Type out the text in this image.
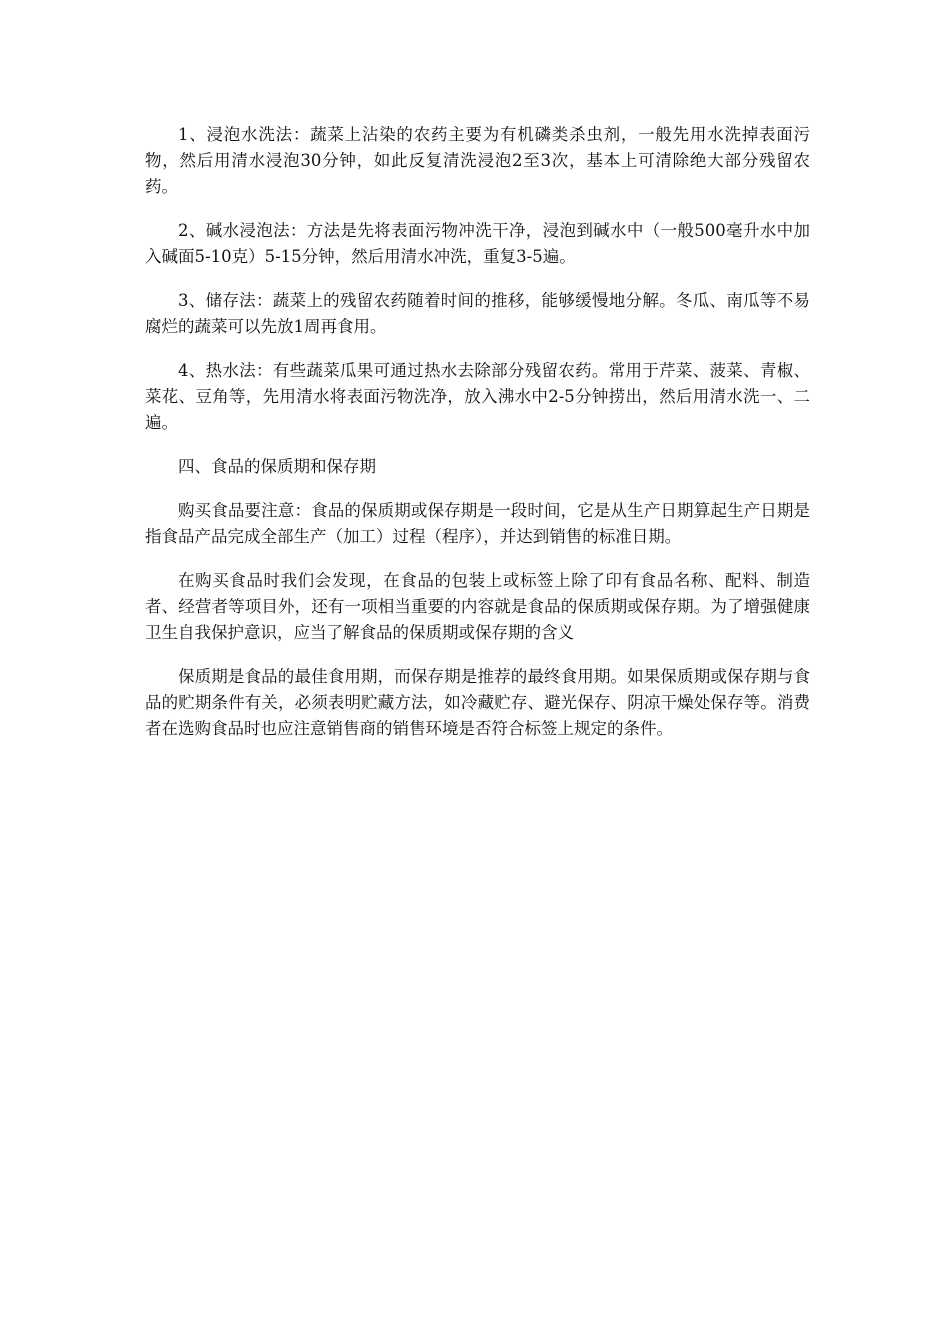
1、浸泡水洗法：蔬菜上沾染的农药主要为有机磷类杀虫剂，一般先用水洗掉表面污物，然后用清水浸泡30分钟，如此反复清洗浸泡2至3次，基本上可清除绝大部分残留农药。

2、碱水浸泡法：方法是先将表面污物冲洗干净，浸泡到碱水中（一般500毫升水中加入碱面5-10克）5-15分钟，然后用清水冲洗，重复3-5遍。

3、储存法：蔬菜上的残留农药随着时间的推移，能够缓慢地分解。冬瓜、南瓜等不易腐烂的蔬菜可以先放1周再食用。

4、热水法：有些蔬菜瓜果可通过热水去除部分残留农药。常用于芹菜、菠菜、青椒、菜花、豆角等，先用清水将表面污物洗净，放入沸水中2-5分钟捞出，然后用清水洗一、二遍。

四、食品的保质期和保存期

购买食品要注意：食品的保质期或保存期是一段时间，它是从生产日期算起生产日期是指食品产品完成全部生产（加工）过程（程序），并达到销售的标准日期。

在购买食品时我们会发现，在食品的包装上或标签上除了印有食品名称、配料、制造者、经营者等项目外，还有一项相当重要的内容就是食品的保质期或保存期。为了增强健康卫生自我保护意识，应当了解食品的保质期或保存期的含义

保质期是食品的最佳食用期，而保存期是推荐的最终食用期。如果保质期或保存期与食品的贮期条件有关，必须表明贮藏方法，如冷藏贮存、避光保存、阴凉干燥处保存等。消费者在选购食品时也应注意销售商的销售环境是否符合标签上规定的条件。
